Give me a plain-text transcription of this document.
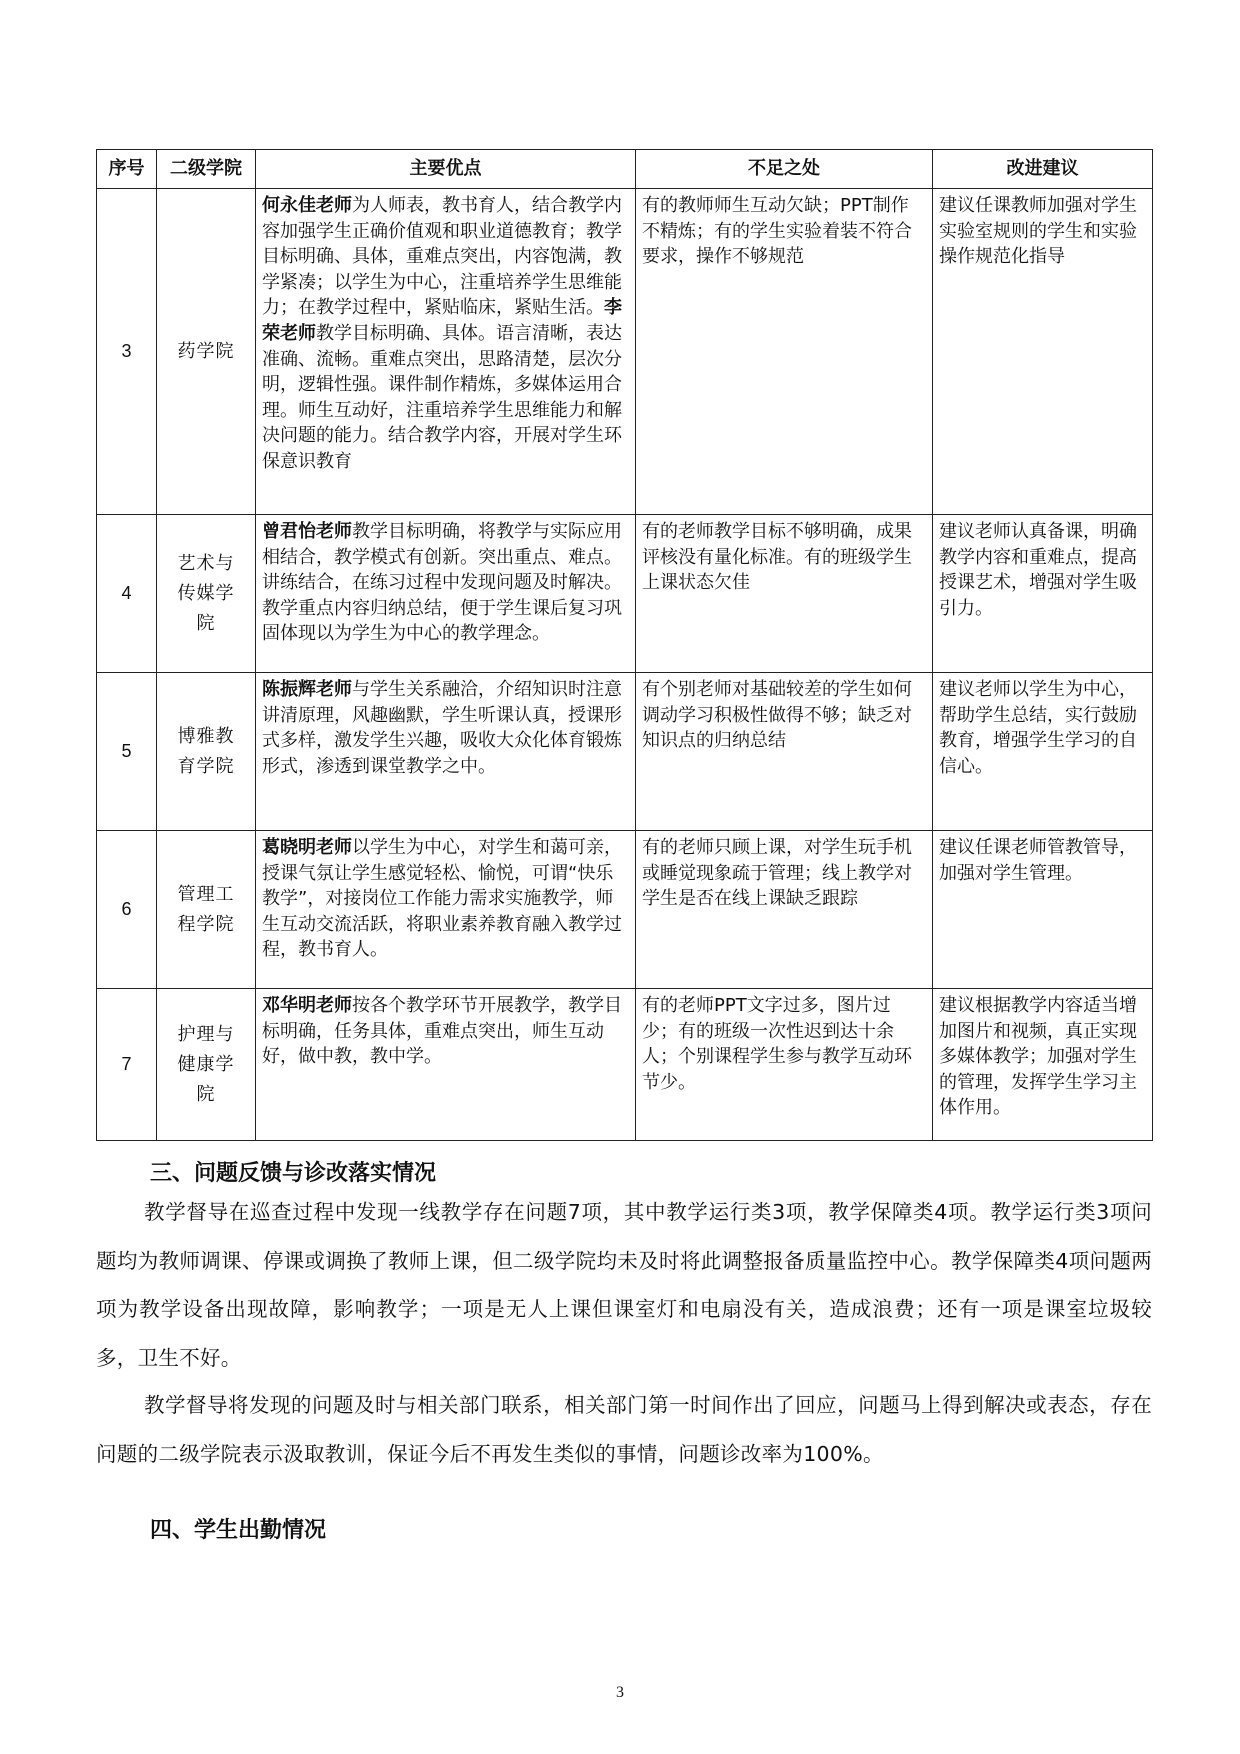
序号	二级学院	主要优点	不足之处	改进建议
3	药学院	何永佳老师为人师表，教书育人，结合教学内容加强学生正确价值观和职业道德教育；教学目标明确、具体，重难点突出，内容饱满，教学紧凑；以学生为中心，注重培养学生思维能力；在教学过程中，紧贴临床，紧贴生活。李荣老师教学目标明确、具体。语言清晰，表达准确、流畅。重难点突出，思路清楚，层次分明，逻辑性强。课件制作精炼，多媒体运用合理。师生互动好，注重培养学生思维能力和解决问题的能力。结合教学内容，开展对学生环保意识教育	有的教师师生互动欠缺；PPT制作不精炼；有的学生实验着装不符合要求，操作不够规范	建议任课教师加强对学生实验室规则的学生和实验操作规范化指导
4	艺术与传媒学院	曾君怡老师教学目标明确，将教学与实际应用相结合，教学模式有创新。突出重点、难点。讲练结合，在练习过程中发现问题及时解决。教学重点内容归纳总结，便于学生课后复习巩固体现以为学生为中心的教学理念。	有的老师教学目标不够明确，成果评核没有量化标准。有的班级学生上课状态欠佳	建议老师认真备课，明确教学内容和重难点，提高授课艺术，增强对学生吸引力。
5	博雅教育学院	陈振辉老师与学生关系融洽，介绍知识时注意讲清原理，风趣幽默，学生听课认真，授课形式多样，激发学生兴趣，吸收大众化体育锻炼形式，渗透到课堂教学之中。	有个别老师对基础较差的学生如何调动学习积极性做得不够；缺乏对知识点的归纳总结	建议老师以学生为中心，帮助学生总结，实行鼓励教育，增强学生学习的自信心。
6	管理工程学院	葛晓明老师以学生为中心，对学生和蔼可亲，授课气氛让学生感觉轻松、愉悦，可谓“快乐教学”，对接岗位工作能力需求实施教学，师生互动交流活跃，将职业素养教育融入教学过程，教书育人。	有的老师只顾上课，对学生玩手机或睡觉现象疏于管理；线上教学对学生是否在线上课缺乏跟踪	建议任课老师管教管导，加强对学生管理。
7	护理与健康学院	邓华明老师按各个教学环节开展教学，教学目标明确，任务具体，重难点突出，师生互动好，做中教，教中学。	有的老师PPT文字过多，图片过少；有的班级一次性迟到达十余人；个别课程学生参与教学互动环节少。	建议根据教学内容适当增加图片和视频，真正实现多媒体教学；加强对学生的管理，发挥学生学习主体作用。
三、问题反馈与诊改落实情况

教学督导在巡查过程中发现一线教学存在问题7项，其中教学运行类3项，教学保障类4项。教学运行类3项问题均为教师调课、停课或调换了教师上课，但二级学院均未及时将此调整报备质量监控中心。教学保障类4项问题两项为教学设备出现故障，影响教学；一项是无人上课但课室灯和电扇没有关，造成浪费；还有一项是课室垃圾较多，卫生不好。

教学督导将发现的问题及时与相关部门联系，相关部门第一时间作出了回应，问题马上得到解决或表态，存在问题的二级学院表示汲取教训，保证今后不再发生类似的事情，问题诊改率为100%。

四、学生出勤情况
3
